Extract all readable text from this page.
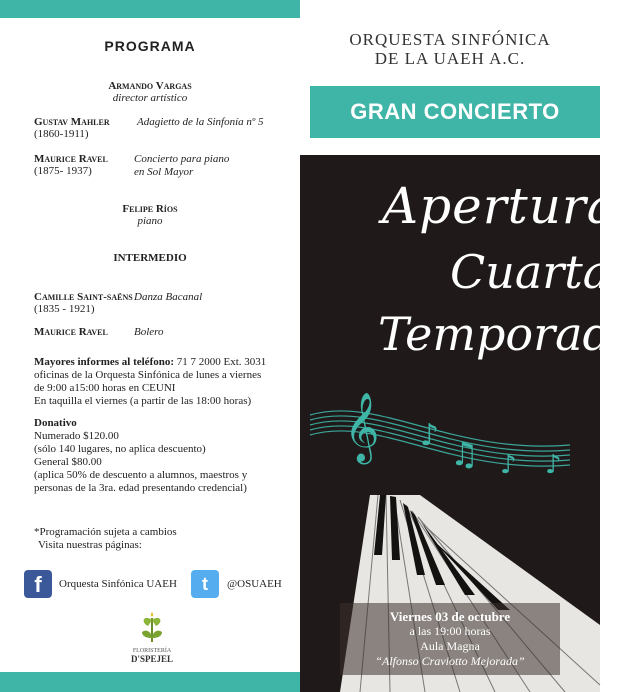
PROGRAMA
Armando Vargas
director artístico
Gustav Mahler
(1860-1911)
Adagietto de la Sinfonía nº 5
Maurice Ravel
(1875- 1937)
Concierto para piano
en Sol Mayor
Felipe Ríos
piano
INTERMEDIO
Camille Saint-saëns
(1835 - 1921)
Danza Bacanal
Maurice Ravel Bolero
Mayores informes al teléfono: 71 7 2000 Ext. 3031
oficinas de la Orquesta Sinfónica de lunes a viernes
de 9:00 a15:00 horas en CEUNI
En taquilla el viernes (a partir de las 18:00 horas)
Donativo
Numerado $120.00
(sólo 140 lugares, no aplica descuento)
General $80.00
(aplica 50% de descuento a alumnos, maestros y
personas de la 3ra. edad presentando credencial)
*Programación sujeta a cambios
Visita nuestras páginas:
f	Orquesta Sinfónica UAEH	t	@OSUAEH
FLORISTERÍA
D'SPEJEL
ORQUESTA SINFÓNICA
DE LA UAEH A.C.
GRAN CONCIERTO
𝄞 ♪ ♫ ♪ ♪
Apertura
Cuarta
Temporada
Viernes 03 de octubre
a las 19:00 horas
Aula Magna
“Alfonso Craviotto Mejorada”
